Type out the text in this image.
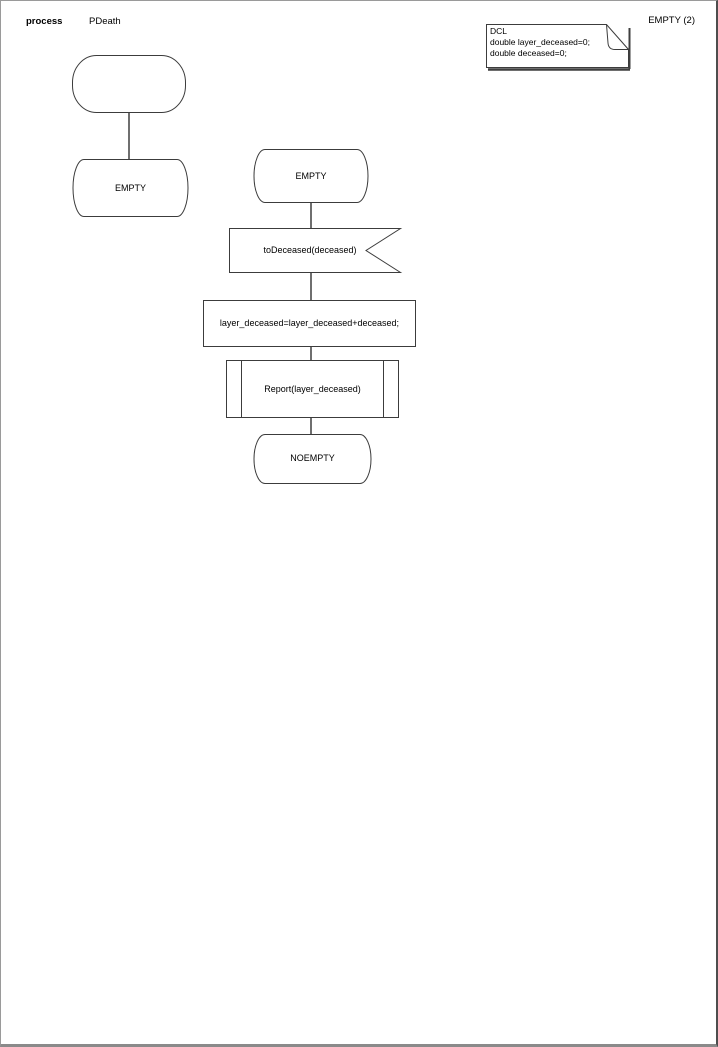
process	PDeath	EMPTY (2)
DCL
double layer_deceased=0;
double deceased=0;
EMPTY
EMPTY
toDeceased(deceased)
layer_deceased=layer_deceased+deceased;
Report(layer_deceased)
NOEMPTY
